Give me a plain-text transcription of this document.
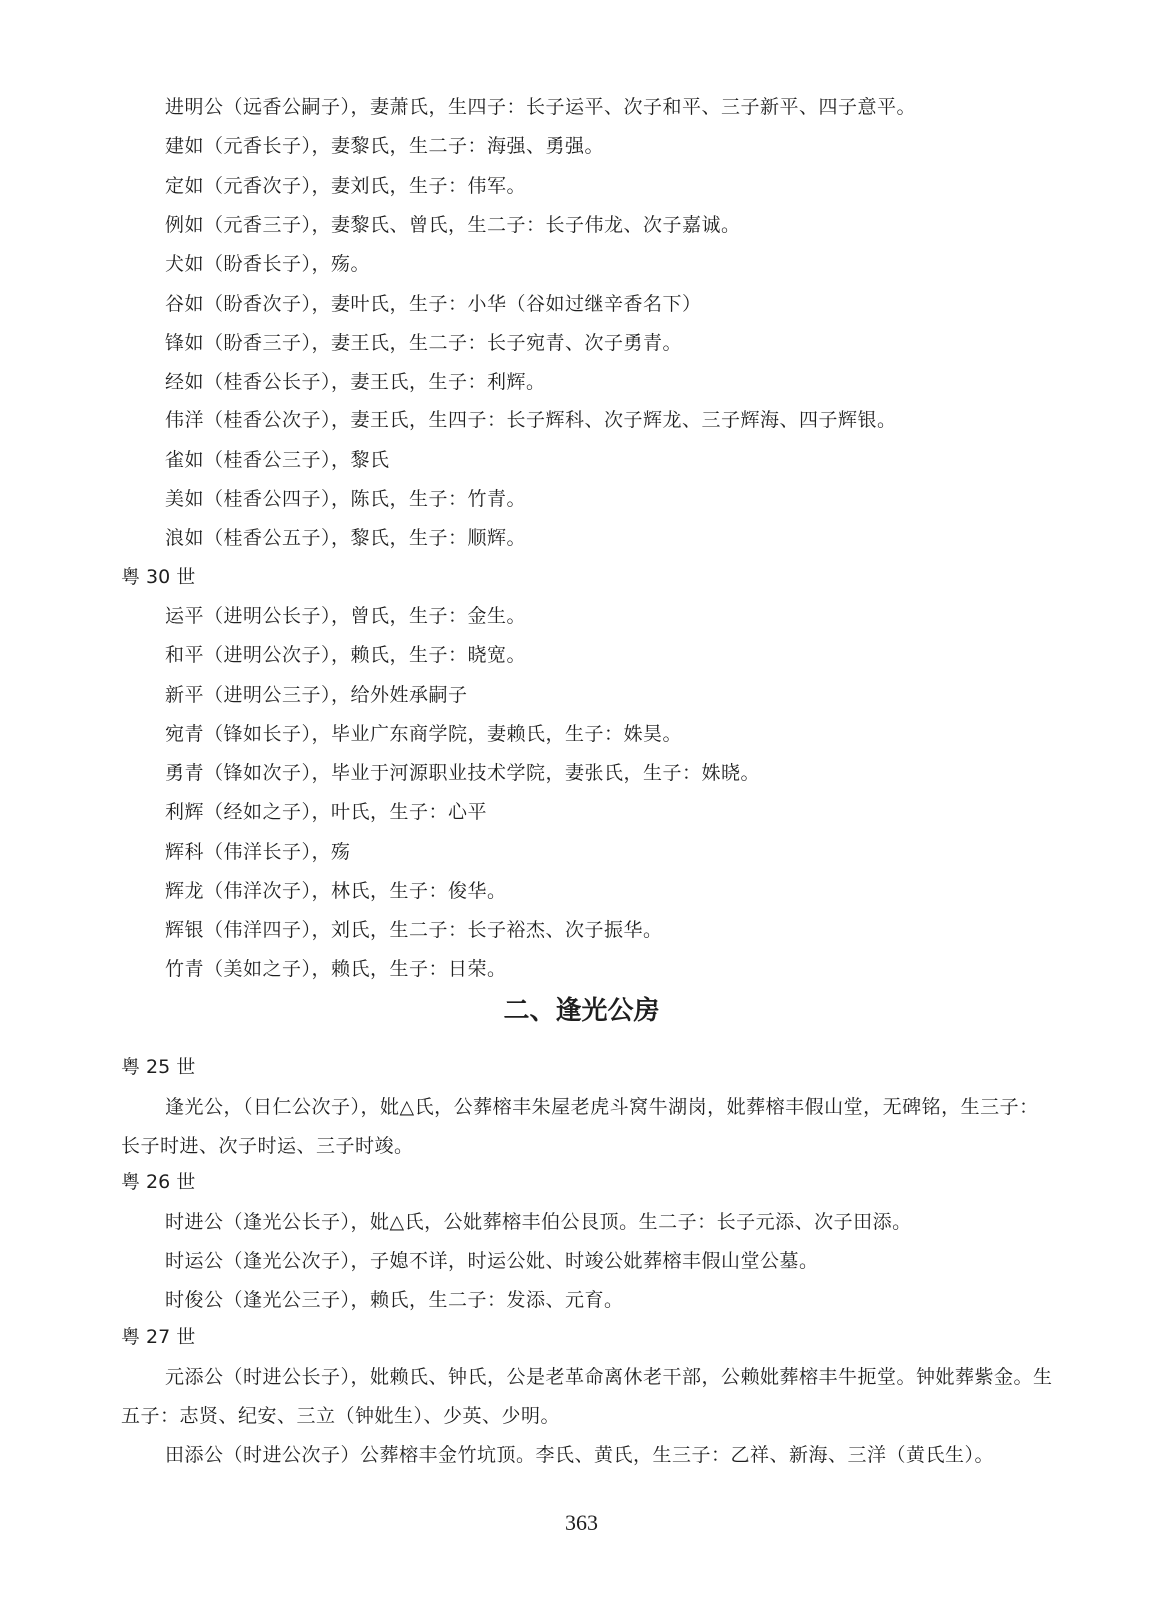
进明公（远香公嗣子），妻萧氏，生四子：长子运平、次子和平、三子新平、四子意平。
建如（元香长子），妻黎氏，生二子：海强、勇强。
定如（元香次子），妻刘氏，生子：伟军。
例如（元香三子），妻黎氏、曾氏，生二子：长子伟龙、次子嘉诚。
犬如（盼香长子），殇。
谷如（盼香次子），妻叶氏，生子：小华（谷如过继辛香名下）
锋如（盼香三子），妻王氏，生二子：长子宛青、次子勇青。
经如（桂香公长子），妻王氏，生子：利辉。
伟洋（桂香公次子），妻王氏，生四子：长子辉科、次子辉龙、三子辉海、四子辉银。
雀如（桂香公三子），黎氏
美如（桂香公四子），陈氏，生子：竹青。
浪如（桂香公五子），黎氏，生子：顺辉。
粤 30 世
运平（进明公长子），曾氏，生子：金生。
和平（进明公次子），赖氏，生子：晓宽。
新平（进明公三子），给外姓承嗣子
宛青（锋如长子），毕业广东商学院，妻赖氏，生子：姝昊。
勇青（锋如次子），毕业于河源职业技术学院，妻张氏，生子：姝晓。
利辉（经如之子），叶氏，生子：心平
辉科（伟洋长子），殇
辉龙（伟洋次子），林氏，生子：俊华。
辉银（伟洋四子），刘氏，生二子：长子裕杰、次子振华。
竹青（美如之子），赖氏，生子：日荣。
二、逢光公房
粤 25 世
逢光公，（日仁公次子），妣△氏，公葬榕丰朱屋老虎斗窝牛湖岗，妣葬榕丰假山堂，无碑铭，生三子：长子时进、次子时运、三子时竣。
粤 26 世
时进公（逢光公长子），妣△氏，公妣葬榕丰伯公艮顶。生二子：长子元添、次子田添。
时运公（逢光公次子），子媳不详，时运公妣、时竣公妣葬榕丰假山堂公墓。
时俊公（逢光公三子），赖氏，生二子：发添、元育。
粤 27 世
元添公（时进公长子），妣赖氏、钟氏，公是老革命离休老干部，公赖妣葬榕丰牛扼堂。钟妣葬紫金。生五子：志贤、纪安、三立（钟妣生）、少英、少明。
田添公（时进公次子）公葬榕丰金竹坑顶。李氏、黄氏，生三子：乙祥、新海、三洋（黄氏生）。
363
